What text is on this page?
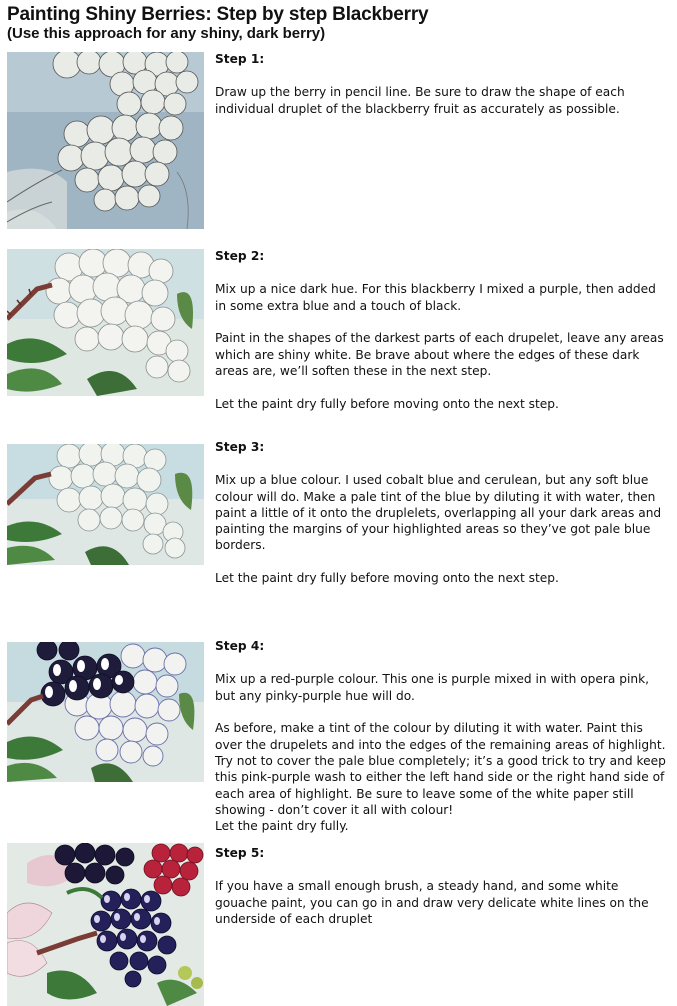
Painting Shiny Berries: Step by step Blackberry
(Use this approach for any shiny, dark berry)
Step 1:

Draw up the berry in pencil line. Be sure to draw the shape of each individual druplet of the blackberry fruit as accurately as possible.

Step 2:

Mix up a nice dark hue. For this blackberry I mixed a purple, then added in some extra blue and a touch of black.

Paint in the shapes of the darkest parts of each drupelet, leave any areas which are shiny white. Be brave about where the edges of these dark areas are, we’ll soften these in the next step.

Let the paint dry fully before moving onto the next step.

Step 3:

Mix up a blue colour. I used cobalt blue and cerulean, but any soft blue colour will do. Make a pale tint of the blue by diluting it with water, then paint a little of it onto the druplelets, overlapping all your dark areas and painting the margins of your highlighted areas so they’ve got pale blue borders.

Let the paint dry fully before moving onto the next step.

Step 4:

Mix up a red-purple colour. This one is purple mixed in with opera pink, but any pinky-purple hue will do.

As before, make a tint of the colour by diluting it with water. Paint this over the drupelets and into the edges of the remaining areas of highlight. Try not to cover the pale blue completely; it’s a good trick to try and keep this pink-purple wash to either the left hand side or the right hand side of each area of highlight. Be sure to leave some of the white paper still showing - don’t cover it all with colour!

Let the paint dry fully.

Step 5:

If you have a small enough brush, a steady hand, and some white gouache paint, you can go in and draw very delicate white lines on the underside of each druplet
